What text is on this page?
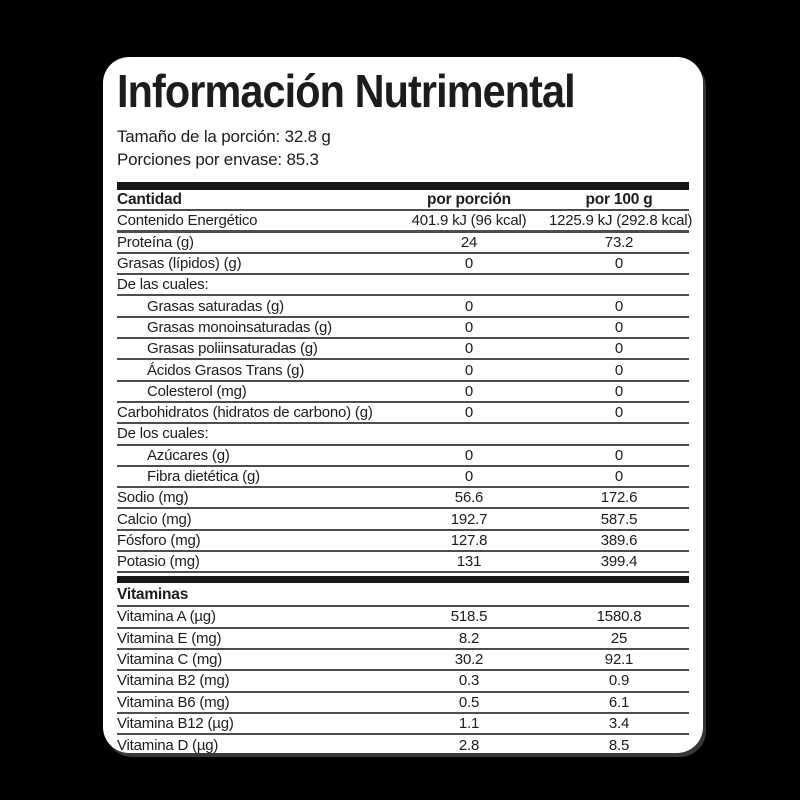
Información Nutrimental
Tamaño de la porción: 32.8 g
Porciones por envase: 85.3
Cantidad	por porción	por 100 g
Contenido Energético	401.9 kJ (96 kcal)	1225.9 kJ (292.8 kcal)
Proteína (g)	24	73.2
Grasas (lípidos) (g)	0	0
De las cuales:
Grasas saturadas (g)	0	0
Grasas monoinsaturadas (g)	0	0
Grasas poliinsaturadas (g)	0	0
Ácidos Grasos Trans (g)	0	0
Colesterol (mg)	0	0
Carbohidratos (hidratos de carbono) (g)	0	0
De los cuales:
Azúcares (g)	0	0
Fibra dietética (g)	0	0
Sodio (mg)	56.6	172.6
Calcio (mg)	192.7	587.5
Fósforo (mg)	127.8	389.6
Potasio (mg)	131	399.4
Vitaminas
Vitamina A (µg)	518.5	1580.8
Vitamina E (mg)	8.2	25
Vitamina C (mg)	30.2	92.1
Vitamina B2 (mg)	0.3	0.9
Vitamina B6 (mg)	0.5	6.1
Vitamina B12 (µg)	1.1	3.4
Vitamina D (µg)	2.8	8.5
